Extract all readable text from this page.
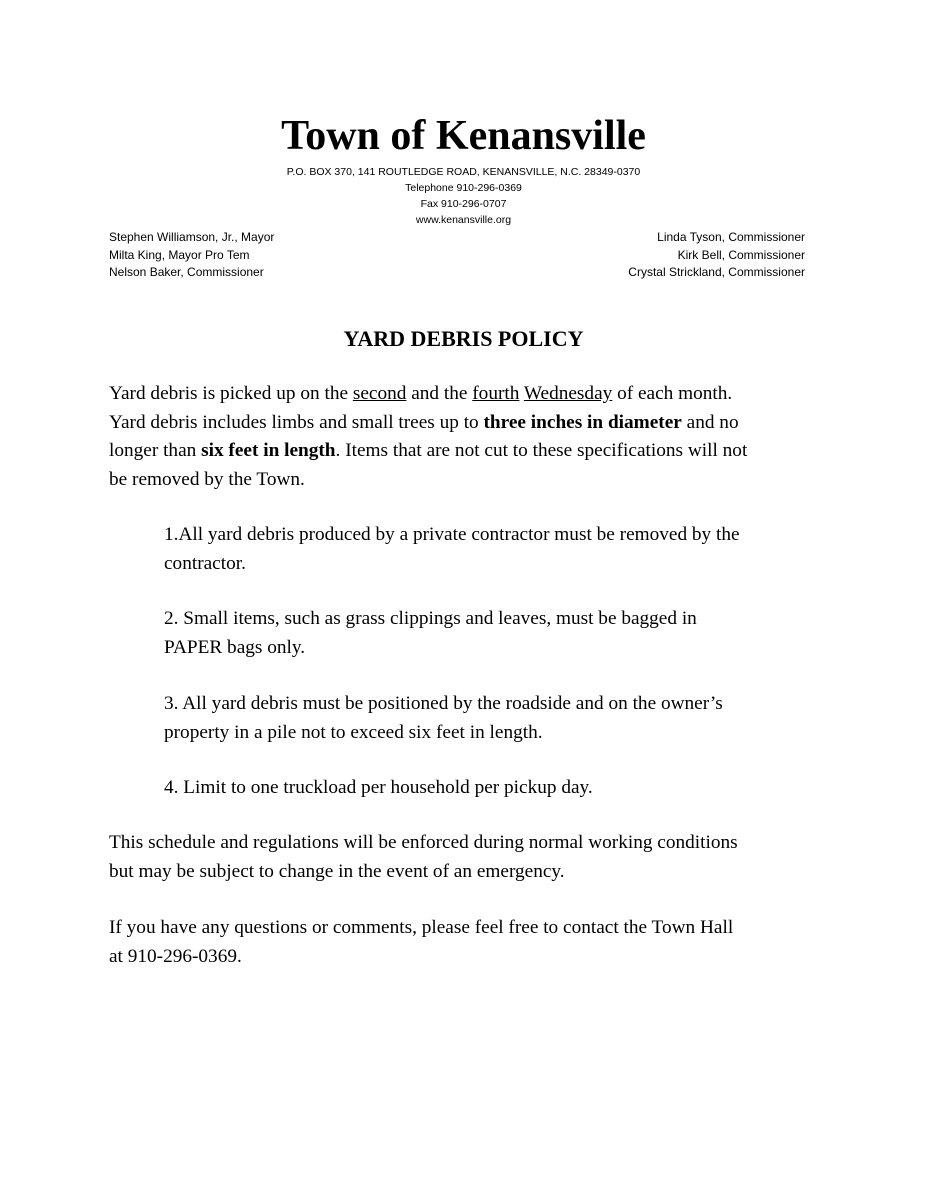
Town of Kenansville
P.O. BOX 370, 141 ROUTLEDGE ROAD, KENANSVILLE, N.C. 28349-0370
Telephone 910-296-0369
Fax 910-296-0707
www.kenansville.org
Stephen Williamson, Jr., Mayor
Milta King, Mayor Pro Tem
Nelson Baker, Commissioner
Linda Tyson, Commissioner
Kirk Bell, Commissioner
Crystal Strickland, Commissioner
YARD DEBRIS POLICY

Yard debris is picked up on the second and the fourth Wednesday of each month.
Yard debris includes limbs and small trees up to three inches in diameter and no
longer than six feet in length. Items that are not cut to these specifications will not
be removed by the Town.

1.All yard debris produced by a private contractor must be removed by the
contractor.

2. Small items, such as grass clippings and leaves, must be bagged in
PAPER bags only.

3. All yard debris must be positioned by the roadside and on the owner’s
property in a pile not to exceed six feet in length.

4. Limit to one truckload per household per pickup day.

This schedule and regulations will be enforced during normal working conditions
but may be subject to change in the event of an emergency.

If you have any questions or comments, please feel free to contact the Town Hall
at 910-296-0369.
